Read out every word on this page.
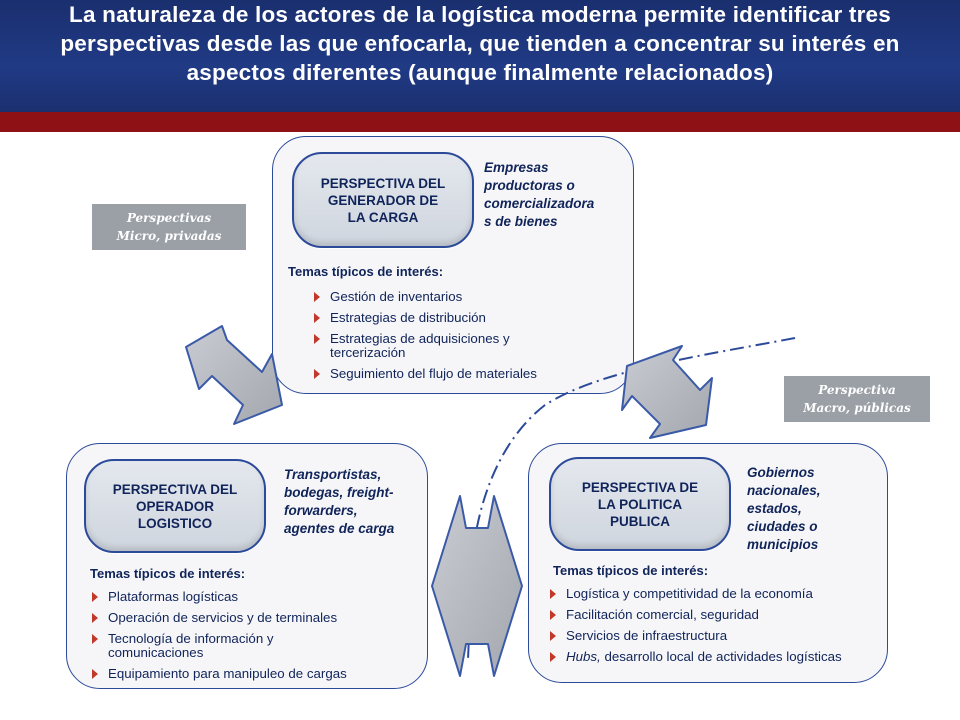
La naturaleza de los actores de la logística moderna permite identificar tres perspectivas desde las que enfocarla, que tienden a concentrar su interés en aspectos diferentes (aunque finalmente relacionados)
PERSPECTIVA DEL
GENERADOR DE
LA CARGA
Empresas
productoras o
comercializadora
s de bienes
Temas típicos de interés:
Gestión de inventarios
Estrategias de distribución
Estrategias de adquisiciones y tercerización
Seguimiento del flujo de materiales
PERSPECTIVA DEL
OPERADOR
LOGISTICO
Transportistas,
bodegas, freight-
forwarders,
agentes de carga
Temas típicos de interés:
Plataformas logísticas
Operación de servicios y de terminales
Tecnología de información y comunicaciones
Equipamiento para manipuleo de cargas
PERSPECTIVA DE
LA POLITICA
PUBLICA
Gobiernos
nacionales,
estados,
ciudades o
municipios
Temas típicos de interés:
Logística y competitividad de la economía
Facilitación comercial, seguridad
Servicios de infraestructura
Hubs, desarrollo local de actividades logísticas
Perspectivas
Micro, privadas
Perspectiva
Macro, públicas
